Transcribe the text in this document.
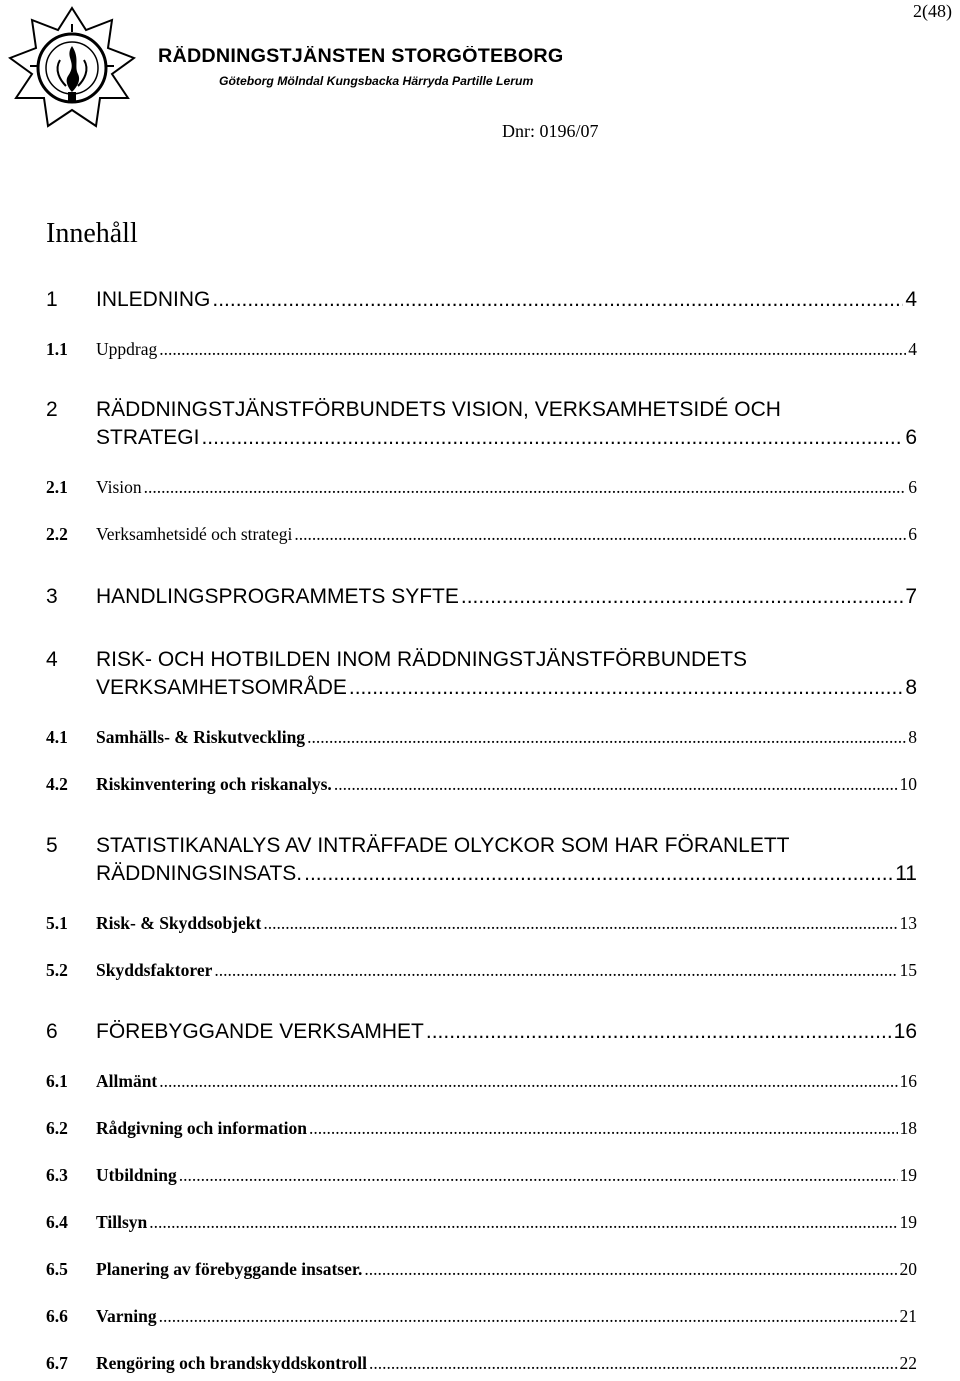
2(48)
RÄDDNINGSTJÄNSTEN STORGÖTEBORG
Göteborg Mölndal Kungsbacka Härryda Partille Lerum
Dnr: 0196/07
Innehåll
1	INLEDNING .....	4
1.1	Uppdrag .....	4
2	RÄDDNINGSTJÄNSTFÖRBUNDETS VISION, VERKSAMHETSIDÉ OCH
STRATEGI .....	6
2.1	Vision .....	6
2.2	Verksamhetsidé och strategi .....	6
3	HANDLINGSPROGRAMMETS SYFTE .....	7
4	RISK- OCH HOTBILDEN INOM RÄDDNINGSTJÄNSTFÖRBUNDETS
VERKSAMHETSOMRÅDE .....	8
4.1	Samhälls- & Riskutveckling .....	8
4.2	Riskinventering och riskanalys. .....	10
5	STATISTIKANALYS AV INTRÄFFADE OLYCKOR SOM HAR FÖRANLETT
RÄDDNINGSINSATS. .....	11
5.1	Risk- & Skyddsobjekt .....	13
5.2	Skyddsfaktorer .....	15
6	FÖREBYGGANDE VERKSAMHET .....	16
6.1	Allmänt .....	16
6.2	Rådgivning och information .....	18
6.3	Utbildning .....	19
6.4	Tillsyn .....	19
6.5	Planering av förebyggande insatser. .....	20
6.6	Varning .....	21
6.7	Rengöring och brandskyddskontroll .....	22
